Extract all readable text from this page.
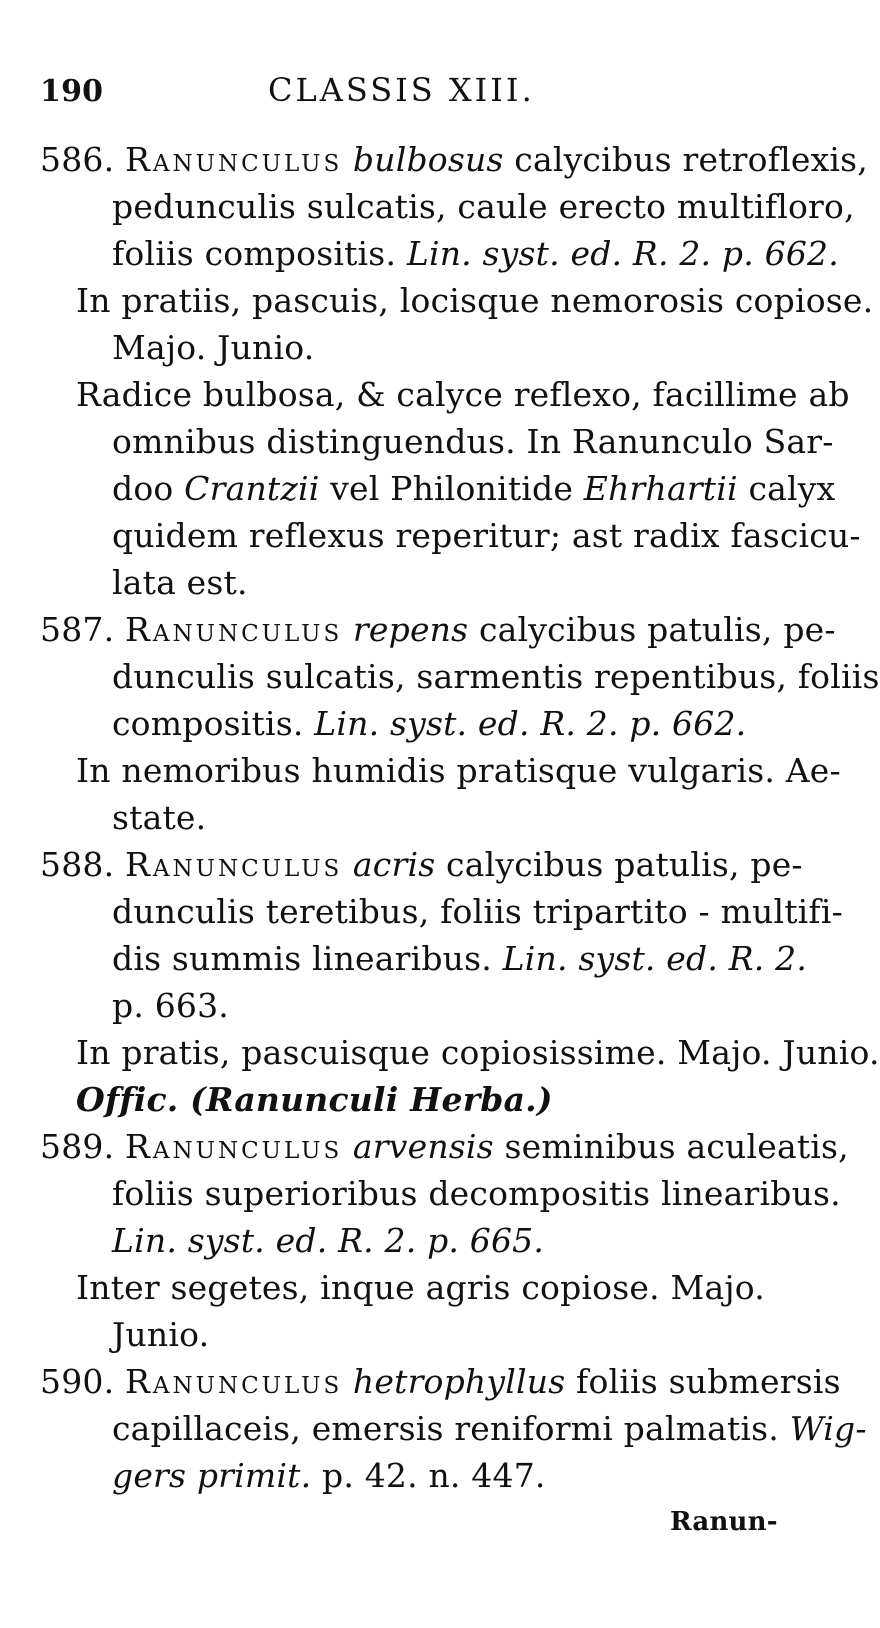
190	CLASSIS XIII.
586. Ranunculus bulbosus calycibus retroflexis,
pedunculis sulcatis, caule erecto multifloro,
foliis compositis. Lin. syst. ed. R. 2. p. 662.
In pratiis, pascuis, locisque nemorosis copiose.
Majo. Junio.
Radice bulbosa, & calyce reflexo, facillime ab
omnibus distinguendus. In Ranunculo Sar-
doo Crantzii vel Philonitide Ehrhartii calyx
quidem reflexus reperitur; ast radix fascicu-
lata est.
587. Ranunculus repens calycibus patulis, pe-
dunculis sulcatis, sarmentis repentibus, foliis
compositis. Lin. syst. ed. R. 2. p. 662.
In nemoribus humidis pratisque vulgaris. Ae-
state.
588. Ranunculus acris calycibus patulis, pe-
dunculis teretibus, foliis tripartito - multifi-
dis summis linearibus. Lin. syst. ed. R. 2.
p. 663.
In pratis, pascuisque copiosissime. Majo. Junio.
Offic. (Ranunculi Herba.)
589. Ranunculus arvensis seminibus aculeatis,
foliis superioribus decompositis linearibus.
Lin. syst. ed. R. 2. p. 665.
Inter segetes, inque agris copiose. Majo.
Junio.
590. Ranunculus hetrophyllus foliis submersis
capillaceis, emersis reniformi palmatis. Wig-
gers primit. p. 42. n. 447.
Ranun-
